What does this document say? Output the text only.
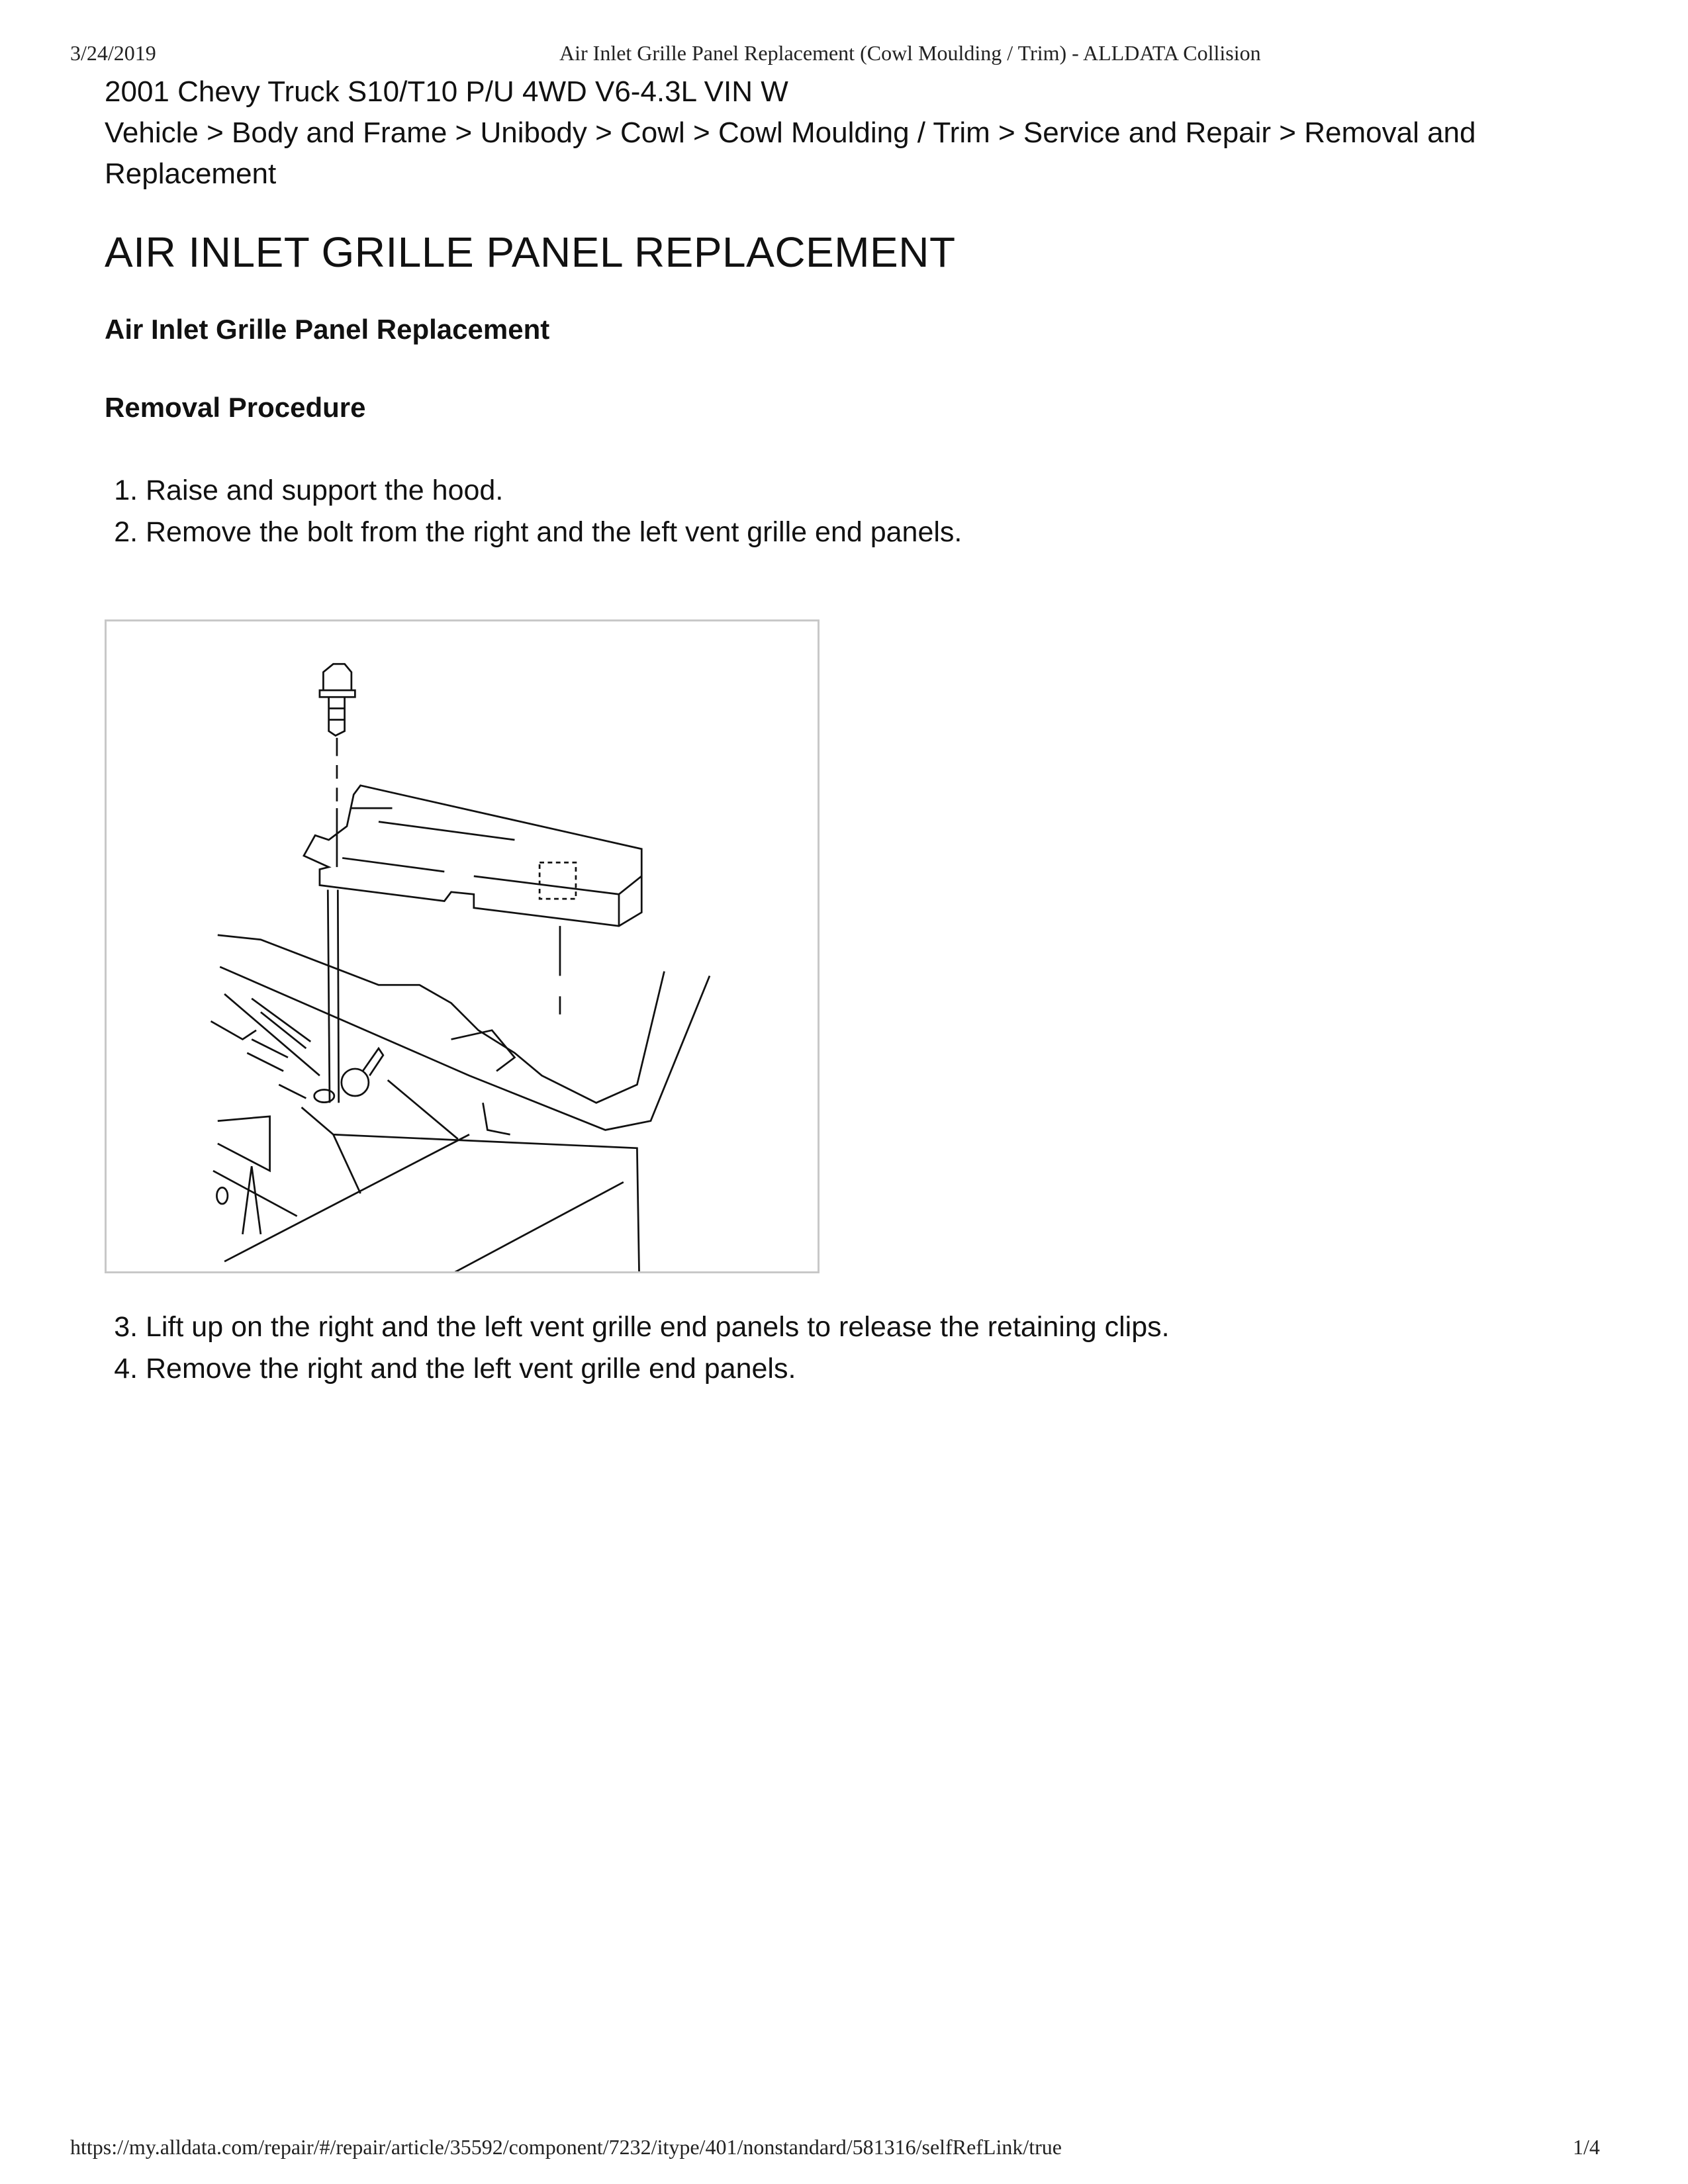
3/24/2019	Air Inlet Grille Panel Replacement (Cowl Moulding / Trim) - ALLDATA Collision
2001 Chevy Truck S10/T10 P/U 4WD V6-4.3L VIN W
Vehicle > Body and Frame > Unibody > Cowl > Cowl Moulding / Trim > Service and Repair > Removal and Replacement
AIR INLET GRILLE PANEL REPLACEMENT
Air Inlet Grille Panel Replacement
Removal Procedure
1. Raise and support the hood.
2. Remove the bolt from the right and the left vent grille end panels.
3. Lift up on the right and the left vent grille end panels to release the retaining clips.
4. Remove the right and the left vent grille end panels.
https://my.alldata.com/repair/#/repair/article/35592/component/7232/itype/401/nonstandard/581316/selfRefLink/true	1/4
